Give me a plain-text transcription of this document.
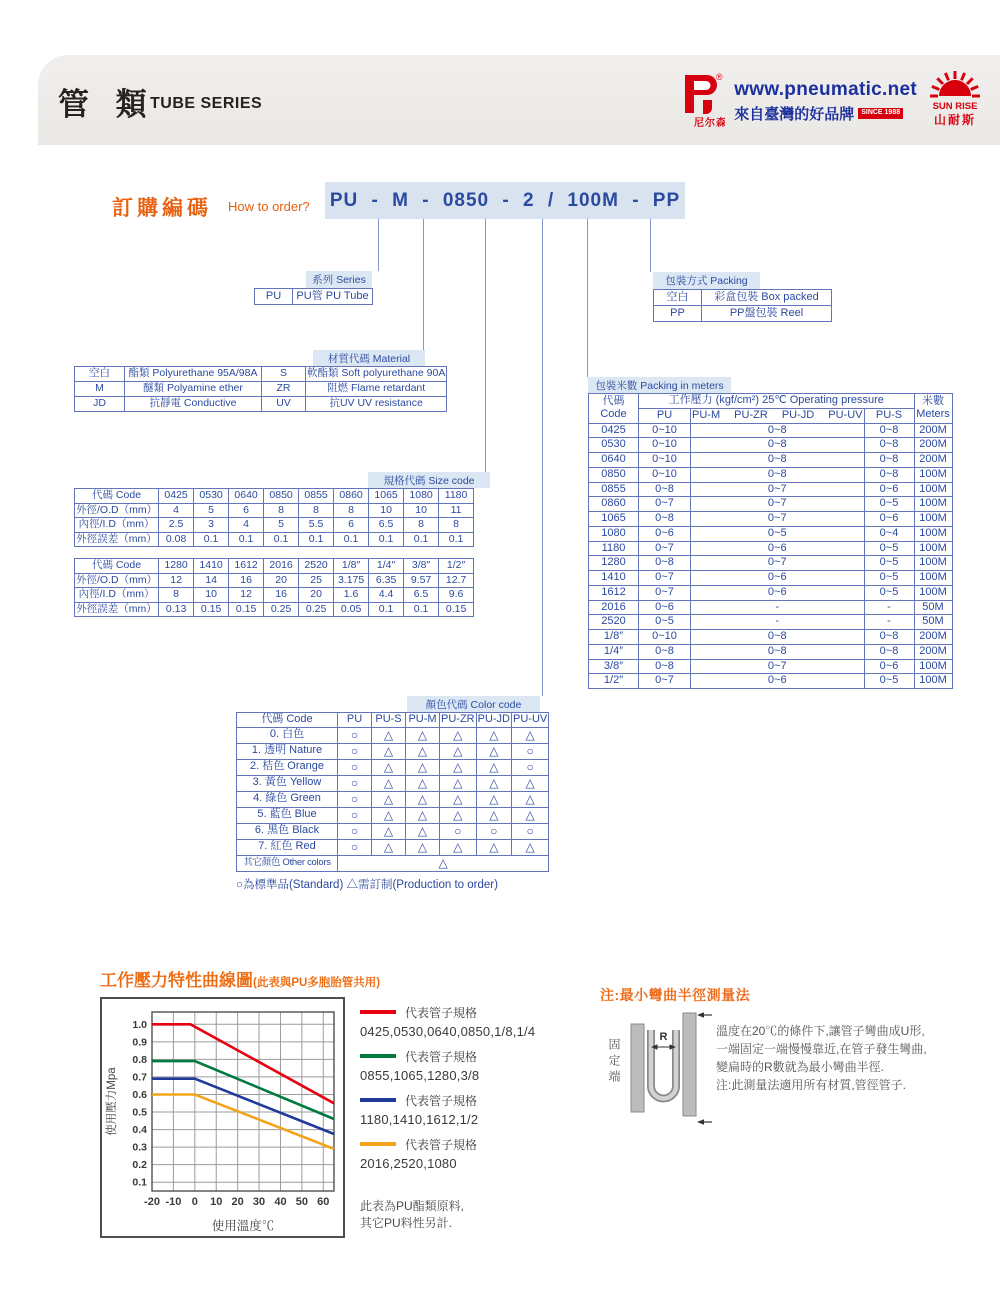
管 類
TUBE SERIES
®
尼尔森
www.pneumatic.net
來自臺灣的好品牌	SINCE 1988
SUN RISE
山耐斯
訂購編碼 How to order? PU - M - 0850 - 2 / 100M - PP
系列 Series	包裝方式 Packing
材質代碼 Material
規格代碼 Size code
包裝米數 Packing in meters
顏色代碼 Color code
PU	PU管 PU Tube	空白	彩盒包裝 Box packed
PP	PP盤包裝 Reel
空白	酯類 Polyurethane 95A/98A	S	軟酯類 Soft polyurethane 90A
M	醚類 Polyamine ether	ZR	阻燃 Flame retardant
JD	抗靜電 Conductive	UV	抗UV UV resistance
代碼 Code	0425	0530	0640	0850	0855	0860	1065	1080	1180
外徑/O.D（mm）	4	5	6	8	8	8	10	10	11
內徑/I.D（mm）	2.5	3	4	5	5.5	6	6.5	8	8
外徑誤差（mm）	0.08	0.1	0.1	0.1	0.1	0.1	0.1	0.1	0.1
代碼 Code	1280	1410	1612	2016	2520	1/8″	1/4″	3/8″	1/2″
外徑/O.D（mm）	12	14	16	20	25	3.175	6.35	9.57	12.7
內徑/I.D（mm）	8	10	12	16	20	1.6	4.4	6.5	9.6
外徑誤差（mm）	0.13	0.15	0.15	0.25	0.25	0.05	0.1	0.1	0.15
代碼
Code	工作壓力 (kgf/cm²) 25℃ Operating pressure			米數
Meters
	PU	PU-M PU-ZR PU-JD PU-UV	PU-S	
0425	0~10	0~8	0~8	200M
0530	0~10	0~8	0~8	200M
0640	0~10	0~8	0~8	200M
0850	0~10	0~8	0~8	100M
0855	0~8	0~7	0~6	100M
0860	0~7	0~7	0~5	100M
1065	0~8	0~7	0~6	100M
1080	0~6	0~5	0~4	100M
1180	0~7	0~6	0~5	100M
1280	0~8	0~7	0~5	100M
1410	0~7	0~6	0~5	100M
1612	0~7	0~6	0~5	100M
2016	0~6	-	-	50M
2520	0~5	-	-	50M
1/8″	0~10	0~8	0~8	200M
1/4″	0~8	0~8	0~8	200M
3/8″	0~8	0~7	0~6	100M
1/2″	0~7	0~6	0~5	100M
代碼 Code	PU	PU-S	PU-M	PU-ZR	PU-JD	PU-UV
0. 白色	○	△	△	△	△	△
1. 透明 Nature	○	△	△	△	△	○
2. 桔色 Orange	○	△	△	△	△	○
3. 黃色 Yellow	○	△	△	△	△	△
4. 綠色 Green	○	△	△	△	△	△
5. 藍色 Blue	○	△	△	△	△	△
6. 黑色 Black	○	△	△	○	○	○
7. 紅色 Red	○	△	△	△	△	△
其它顏色 Other colors	△					
○為標準品(Standard) △需訂制(Production to order)
工作壓力特性曲線圖(此表與PU多胞胎管共用)
0.1
0.2
0.3
0.4
0.5
0.6
0.7
0.8
0.9
1.0
-20 -10 0 10 20 30 40 50 60
使用溫度℃
使用壓力Mpa
代表管子規格
0425,0530,0640,0850,1/8,1/4
代表管子規格
0855,1065,1280,3/8
代表管子規格
1180,1410,1612,1/2
代表管子規格
2016,2520,1080
此表為PU酯類原料,
其它PU料性另計.
注:最小彎曲半徑測量法
固定端
R	溫度在20℃的條件下,讓管子彎曲成U形,
一端固定一端慢慢靠近,在管子發生彎曲,
變扁時的R數就為最小彎曲半徑.
注:此測量法適用所有材質,管徑管子.
